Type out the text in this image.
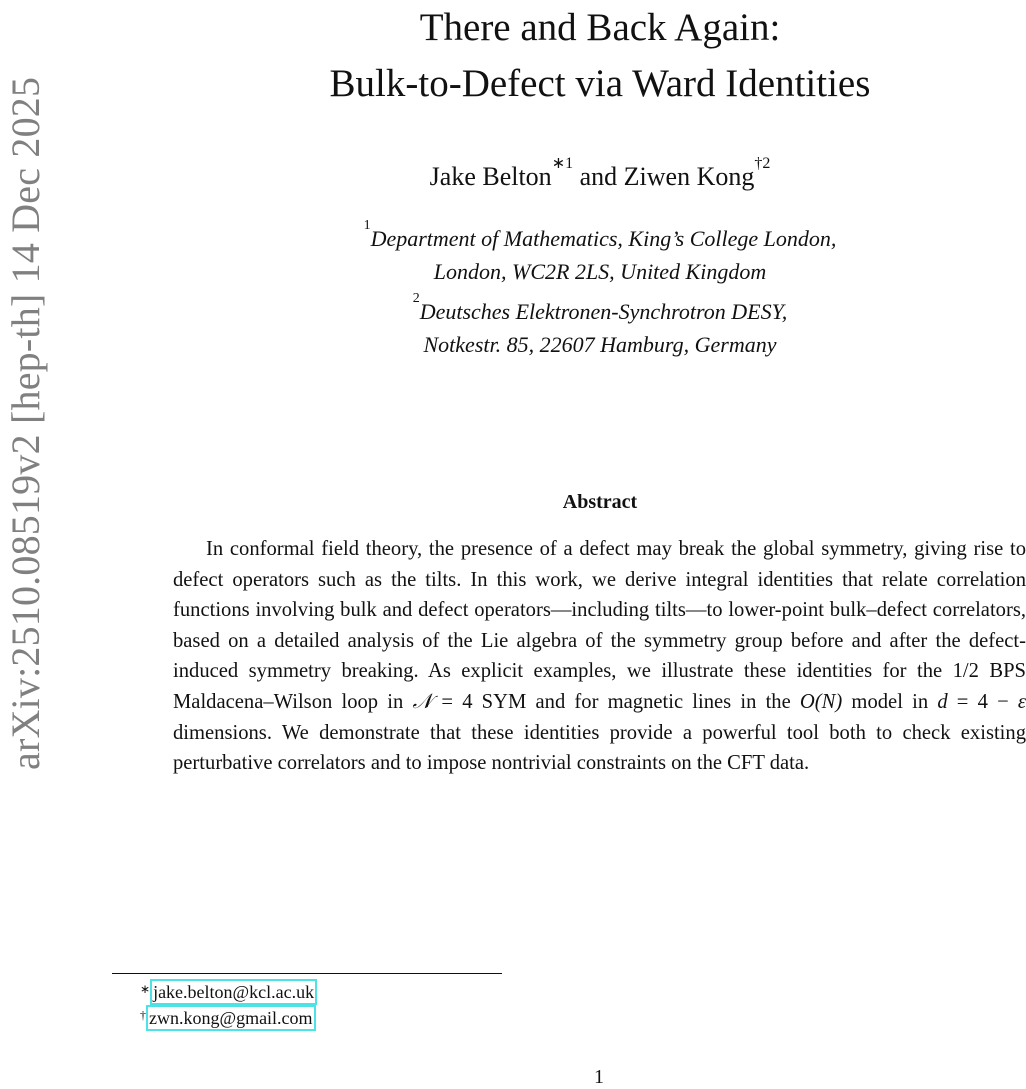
arXiv:2510.08519v2 [hep-th] 14 Dec 2025
There and Back Again:
Bulk-to-Defect via Ward Identities
Jake Belton$^{∗1}$ and Ziwen Kong$^{\dagger 2}$
$^1$Department of Mathematics, King’s College London,
London, WC2R 2LS, United Kingdom
$^2$Deutsches Elektronen-Synchrotron DESY,
Notkestr. 85, 22607 Hamburg, Germany
Abstract
In conformal field theory, the presence of a defect may break the global symmetry, giving rise to defect operators such as the tilts. In this work, we derive integral identities that relate correlation functions involving bulk and defect operators—including tilts—to lower-point bulk–defect correlators, based on a detailed analysis of the Lie algebra of the symmetry group before and after the defect-induced symmetry breaking. As explicit examples, we illustrate these identities for the 1/2 BPS Maldacena–Wilson loop in 𝒩 = 4 SYM and for magnetic lines in the O(N) model in d = 4 − ε dimensions. We demonstrate that these identities provide a powerful tool both to check existing perturbative correlators and to impose nontrivial constraints on the CFT data.
∗ jake.belton@kcl.ac.uk
† zwn.kong@gmail.com
1
